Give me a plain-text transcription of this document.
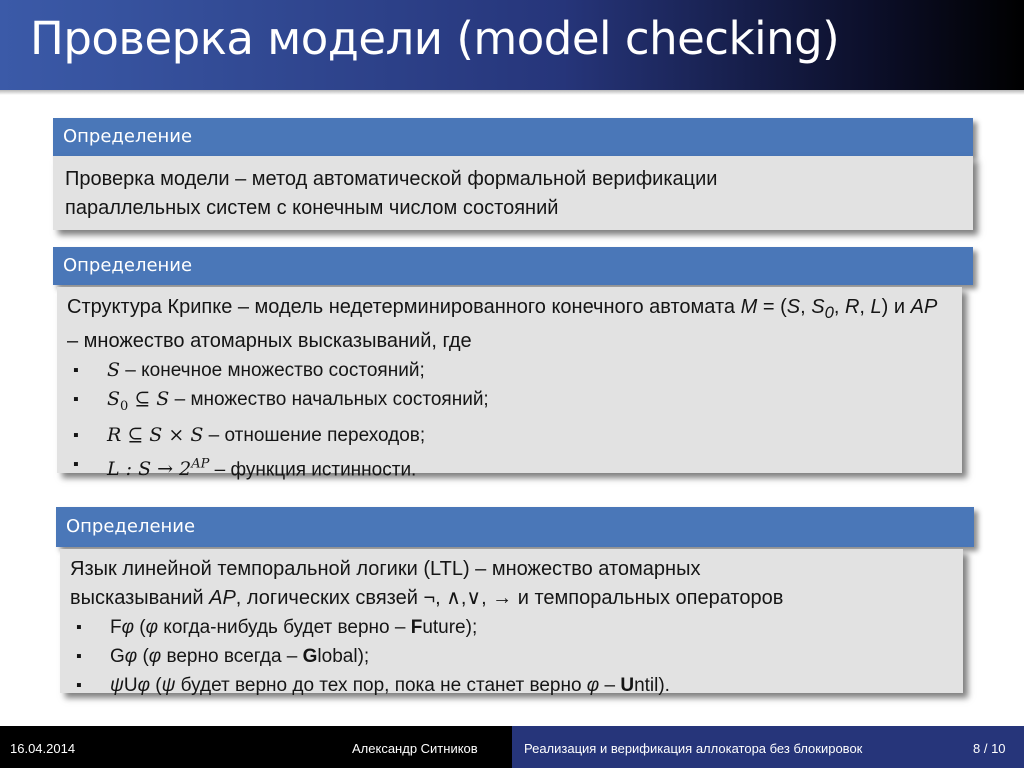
Проверка модели (model checking)
Определение

Проверка модели – метод автоматической формальной верификации

параллельных систем с конечным числом состояний

Определение

Структура Крипке – модель недетерминированного конечного автомата M = (S, $S_0$, R, L) и AP – множество атомарных высказываний, где

▪ S – конечное множество состояний;
▪ $S_0$ ⊆ S – множество начальных состояний;
▪ R ⊆ S × S – отношение переходов;
▪ L : $S \to 2^{AP}$ – функция истинности.
Определение

Язык линейной темпоральной логики (LTL) – множество атомарных

высказываний AP, логических связей ¬, ∧,∨, → и темпоральных операторов

▪ Fφ (φ когда-нибудь будет верно – Future);
▪ Gφ (φ верно всегда – Global);
▪ ψUφ (ψ будет верно до тех пор, пока не станет верно φ – Until).
16.04.2014	Александр Ситников	Реализация и верификация аллокатора без блокировок	8 / 10
